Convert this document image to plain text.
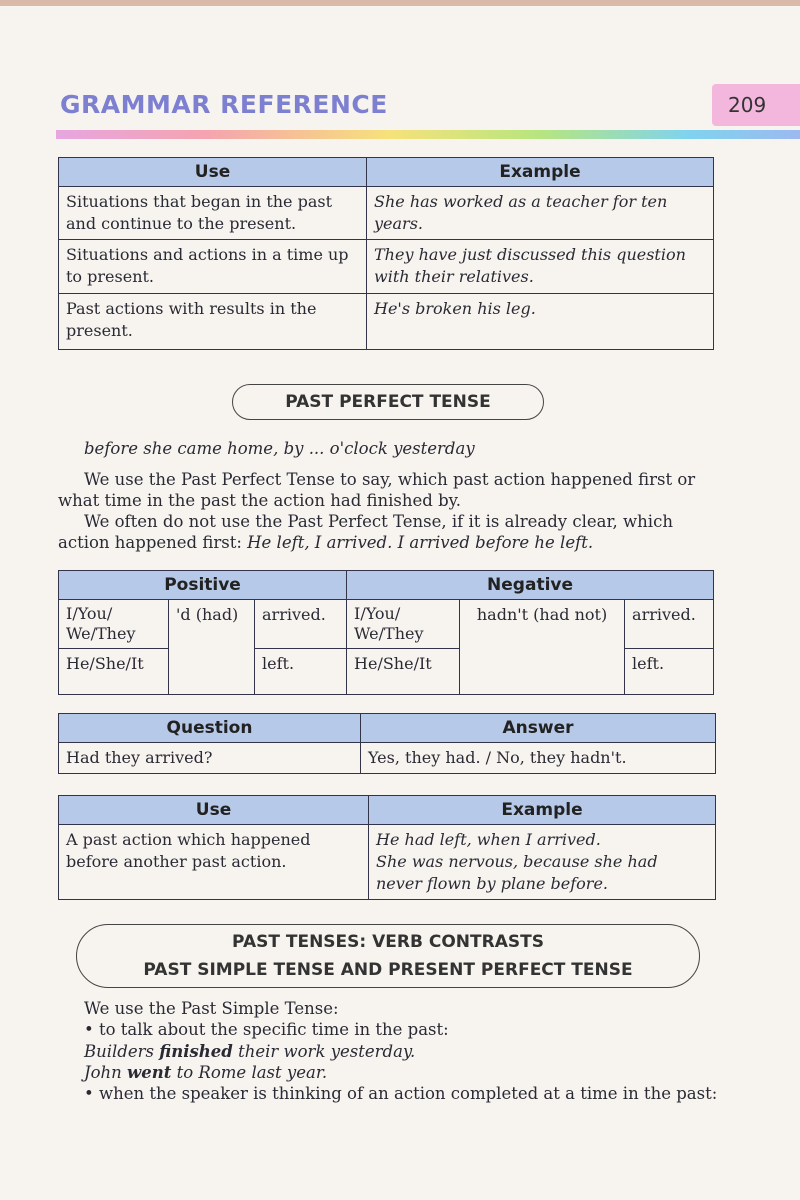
GRAMMAR REFERENCE	209
Use	Example
Situations that began in the past and continue to the present.	She has worked as a teacher for ten years.
Situations and actions in a time up to present.	They have just discussed this question with their relatives.
Past actions with results in the present.	He's broken his leg.
PAST PERFECT TENSE

before she came home, by ... o'clock yesterday

We use the Past Perfect Tense to say, which past action happened first or what time in the past the action had finished by.

We often do not use the Past Perfect Tense, if it is already clear, which action happened first: He left, I arrived. I arrived before he left.

Positive			Negative		
I/You/ We/They	'd (had)	arrived.	I/You/ We/They	hadn't (had not)	arrived.
He/She/It		left.	He/She/It		left.
Question	Answer
Had they arrived?	Yes, they had. / No, they hadn't.
Use	Example
A past action which happened before another past action.	He had left, when I arrived.
She was nervous, because she had never flown by plane before.
PAST TENSES: VERB CONTRASTS
PAST SIMPLE TENSE AND PRESENT PERFECT TENSE

We use the Past Simple Tense:

• to talk about the specific time in the past:

Builders finished their work yesterday.

John went to Rome last year.

• when the speaker is thinking of an action completed at a time in the past:
